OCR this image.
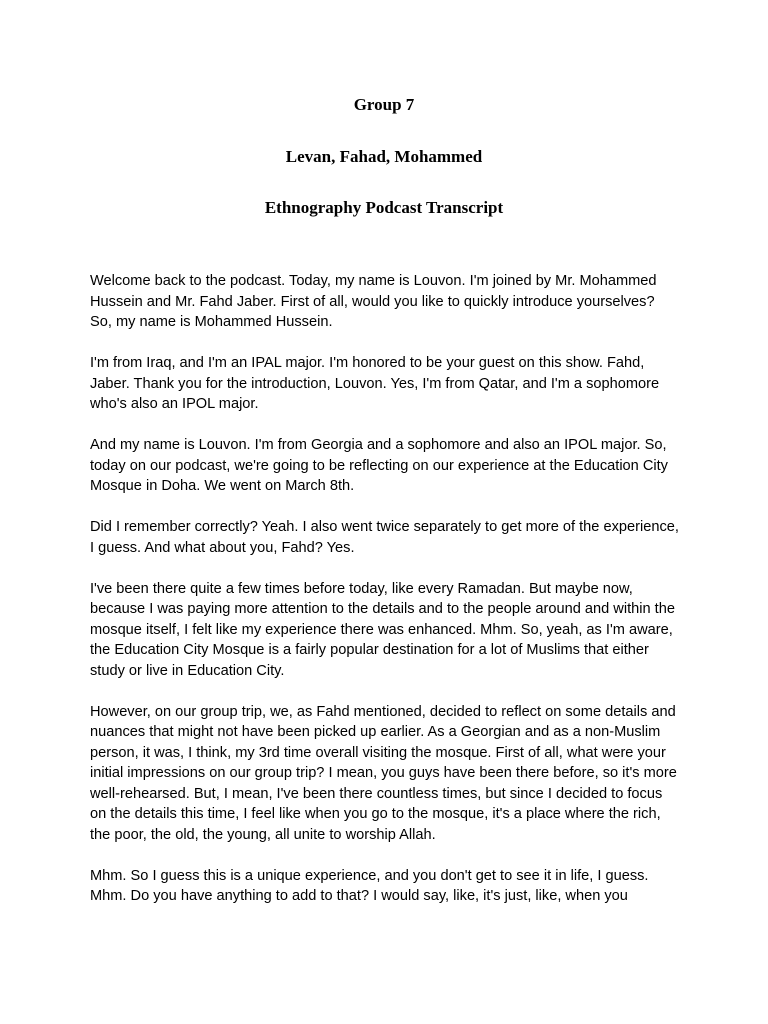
Group 7
Levan, Fahad, Mohammed
Ethnography Podcast Transcript

Welcome back to the podcast. Today, my name is Louvon. I'm joined by Mr. Mohammed Hussein and Mr. Fahd Jaber. First of all, would you like to quickly introduce yourselves? So, my name is Mohammed Hussein.

I'm from Iraq, and I'm an IPAL major. I'm honored to be your guest on this show. Fahd, Jaber. Thank you for the introduction, Louvon. Yes, I'm from Qatar, and I'm a sophomore who's also an IPOL major.

And my name is Louvon. I'm from Georgia and a sophomore and also an IPOL major. So, today on our podcast, we're going to be reflecting on our experience at the Education City Mosque in Doha. We went on March 8th.

Did I remember correctly? Yeah. I also went twice separately to get more of the experience, I guess. And what about you, Fahd? Yes.

I've been there quite a few times before today, like every Ramadan. But maybe now, because I was paying more attention to the details and to the people around and within the mosque itself, I felt like my experience there was enhanced. Mhm. So, yeah, as I'm aware, the Education City Mosque is a fairly popular destination for a lot of Muslims that either study or live in Education City.

However, on our group trip, we, as Fahd mentioned, decided to reflect on some details and nuances that might not have been picked up earlier. As a Georgian and as a non-Muslim person, it was, I think, my 3rd time overall visiting the mosque. First of all, what were your initial impressions on our group trip? I mean, you guys have been there before, so it's more well-rehearsed. But, I mean, I've been there countless times, but since I decided to focus on the details this time, I feel like when you go to the mosque, it's a place where the rich, the poor, the old, the young, all unite to worship Allah.

Mhm. So I guess this is a unique experience, and you don't get to see it in life, I guess. Mhm. Do you have anything to add to that? I would say, like, it's just, like, when you
